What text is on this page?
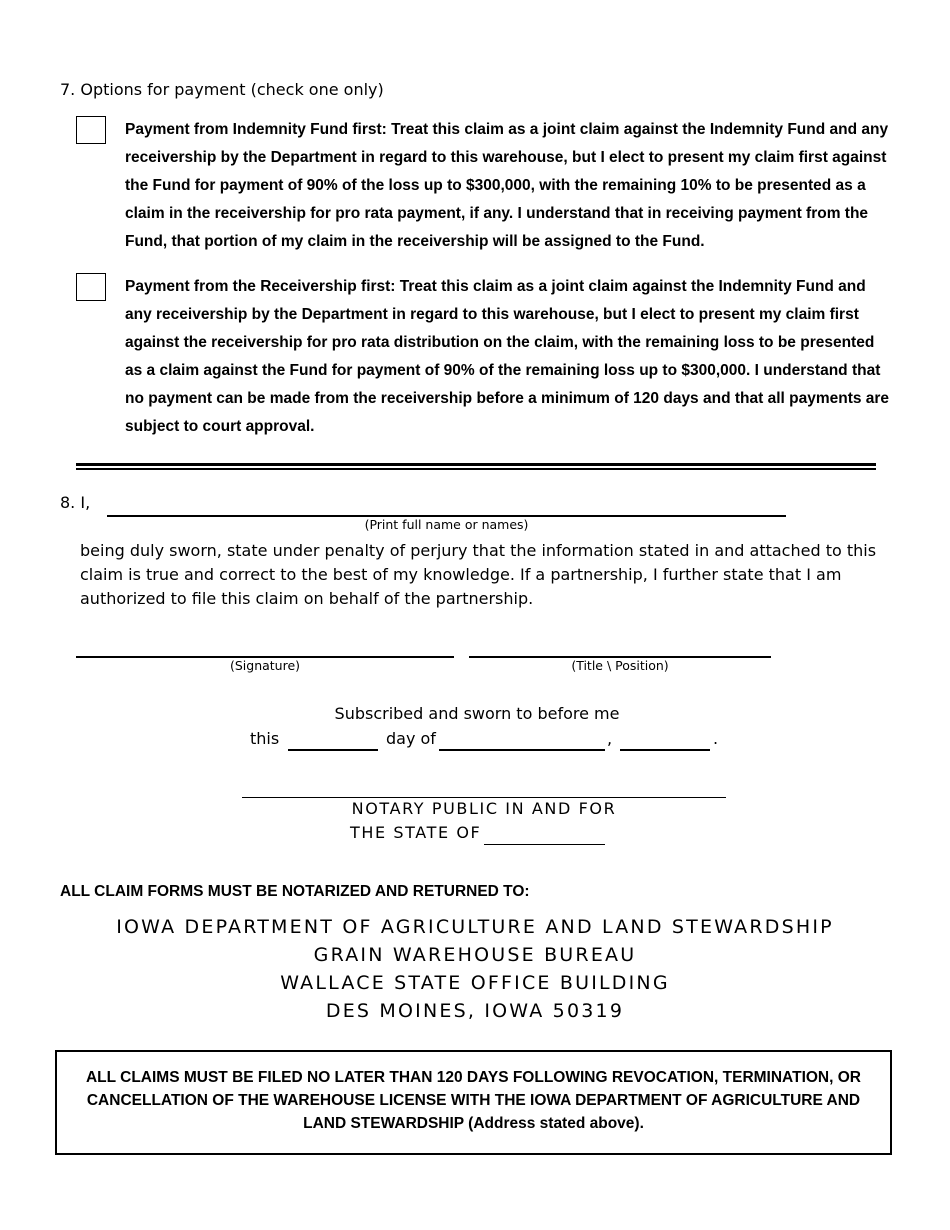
7. Options for payment (check one only)
Payment from Indemnity Fund first: Treat this claim as a joint claim against the Indemnity Fund and any receivership by the Department in regard to this warehouse, but I elect to present my claim first against the Fund for payment of 90% of the loss up to $300,000, with the remaining 10% to be presented as a claim in the receivership for pro rata payment, if any. I understand that in receiving payment from the Fund, that portion of my claim in the receivership will be assigned to the Fund.
Payment from the Receivership first: Treat this claim as a joint claim against the Indemnity Fund and any receivership by the Department in regard to this warehouse, but I elect to present my claim first against the receivership for pro rata distribution on the claim, with the remaining loss to be presented as a claim against the Fund for payment of 90% of the remaining loss up to $300,000. I understand that no payment can be made from the receivership before a minimum of 120 days and that all payments are subject to court approval.
8. I,
(Print full name or names)
being duly sworn, state under penalty of perjury that the information stated in and attached to this claim is true and correct to the best of my knowledge. If a partnership, I further state that I am authorized to file this claim on behalf of the partnership.
(Signature)	(Title \ Position)
Subscribed and sworn to before me
this	day of	,	.
NOTARY PUBLIC IN AND FOR
THE STATE OF
ALL CLAIM FORMS MUST BE NOTARIZED AND RETURNED TO:
IOWA DEPARTMENT OF AGRICULTURE AND LAND STEWARDSHIP
GRAIN WAREHOUSE BUREAU
WALLACE STATE OFFICE BUILDING
DES MOINES, IOWA 50319
ALL CLAIMS MUST BE FILED NO LATER THAN 120 DAYS FOLLOWING REVOCATION, TERMINATION, OR CANCELLATION OF THE WAREHOUSE LICENSE WITH THE IOWA DEPARTMENT OF AGRICULTURE AND LAND STEWARDSHIP (Address stated above).
